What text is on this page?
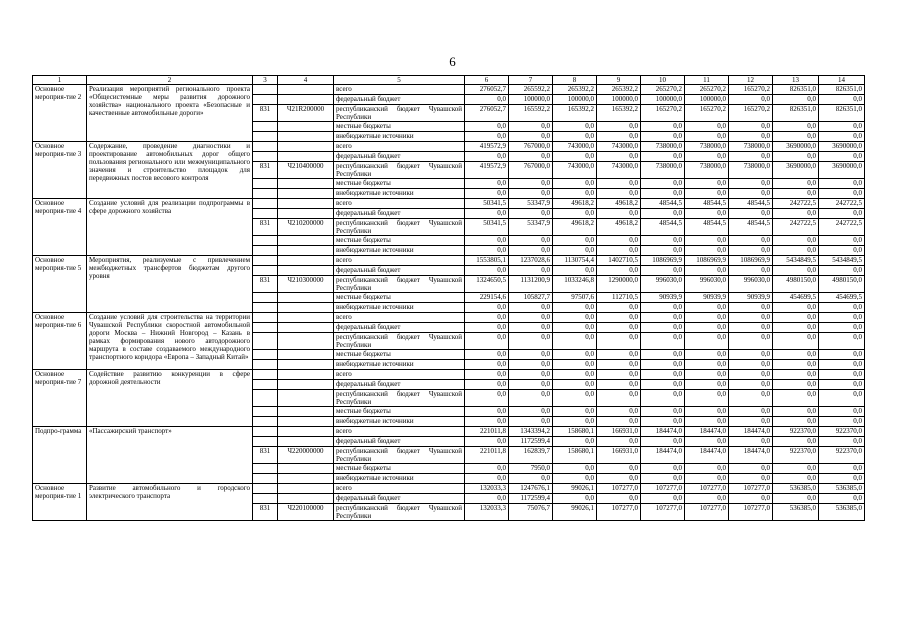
6
1	2	3	4	5	6	7	8	9	10	11	12	13	14
Основное мероприя-тие 2	Реализация мероприятий регионального проекта «Общесистемные меры развития дорожного хозяйства» национального проекта «Безопасные и качественные автомобильные дороги»			всего	276052,7	265592,2	265392,2	265392,2	265270,2	265270,2	165270,2	826351,0	826351,0
				федеральный бюджет	0,0	100000,0	100000,0	100000,0	100000,0	100000,0	0,0	0,0	0,0
		831	Ч21R200000	республиканский бюджет Чувашской Республики	276052,7	165592,2	165392,2	165392,2	165270,2	165270,2	165270,2	826351,0	826351,0
				местные бюджеты	0,0	0,0	0,0	0,0	0,0	0,0	0,0	0,0	0,0
				внебюджетные источники	0,0	0,0	0,0	0,0	0,0	0,0	0,0	0,0	0,0
Основное мероприя-тие 3	Содержание, проведение диагностики и проектирование автомобильных дорог общего пользования регионального или межмуниципального значения и строительство площадок для передвижных постов весового контроля			всего	419572,9	767000,0	743000,0	743000,0	738000,0	738000,0	738000,0	3690000,0	3690000,0
				федеральный бюджет	0,0	0,0	0,0	0,0	0,0	0,0	0,0	0,0	0,0
		831	Ч210400000	республиканский бюджет Чувашской Республики	419572,9	767000,0	743000,0	743000,0	738000,0	738000,0	738000,0	3690000,0	3690000,0
				местные бюджеты	0,0	0,0	0,0	0,0	0,0	0,0	0,0	0,0	0,0
				внебюджетные источники	0,0	0,0	0,0	0,0	0,0	0,0	0,0	0,0	0,0
Основное мероприя-тие 4	Создание условий для реализации подпрограммы в сфере дорожного хозяйства			всего	50341,5	53347,9	49618,2	49618,2	48544,5	48544,5	48544,5	242722,5	242722,5
				федеральный бюджет	0,0	0,0	0,0	0,0	0,0	0,0	0,0	0,0	0,0
		831	Ч210200000	республиканский бюджет Чувашской Республики	50341,5	53347,9	49618,2	49618,2	48544,5	48544,5	48544,5	242722,5	242722,5
				местные бюджеты	0,0	0,0	0,0	0,0	0,0	0,0	0,0	0,0	0,0
				внебюджетные источники	0,0	0,0	0,0	0,0	0,0	0,0	0,0	0,0	0,0
Основное мероприя-тие 5	Мероприятия, реализуемые с привлечением межбюджетных трансфертов бюджетам другого уровня			всего	1553805,1	1237028,6	1130754,4	1402710,5	1086969,9	1086969,9	1086969,9	5434849,5	5434849,5
				федеральный бюджет	0,0	0,0	0,0	0,0	0,0	0,0	0,0	0,0	0,0
		831	Ч210300000	республиканский бюджет Чувашской Республики	1324650,5	1131200,9	1033246,8	1290000,0	996030,0	996030,0	996030,0	4980150,0	4980150,0
				местные бюджеты	229154,6	105827,7	97507,6	112710,5	90939,9	90939,9	90939,9	454699,5	454699,5
				внебюджетные источники	0,0	0,0	0,0	0,0	0,0	0,0	0,0	0,0	0,0
Основное мероприя-тие 6	Создание условий для строительства на территории Чувашской Республики скоростной автомобильной дороги Москва – Нижний Новгород – Казань в рамках формирования нового автодорожного маршрута в составе создаваемого международного транспортного коридора «Европа – Западный Китай»			всего	0,0	0,0	0,0	0,0	0,0	0,0	0,0	0,0	0,0
				федеральный бюджет	0,0	0,0	0,0	0,0	0,0	0,0	0,0	0,0	0,0
				республиканский бюджет Чувашской Республики	0,0	0,0	0,0	0,0	0,0	0,0	0,0	0,0	0,0
				местные бюджеты	0,0	0,0	0,0	0,0	0,0	0,0	0,0	0,0	0,0
				внебюджетные источники	0,0	0,0	0,0	0,0	0,0	0,0	0,0	0,0	0,0
Основное мероприя-тие 7	Содействие развитию конкуренции в сфере дорожной деятельности			всего	0,0	0,0	0,0	0,0	0,0	0,0	0,0	0,0	0,0
				федеральный бюджет	0,0	0,0	0,0	0,0	0,0	0,0	0,0	0,0	0,0
				республиканский бюджет Чувашской Республики	0,0	0,0	0,0	0,0	0,0	0,0	0,0	0,0	0,0
				местные бюджеты	0,0	0,0	0,0	0,0	0,0	0,0	0,0	0,0	0,0
				внебюджетные источники	0,0	0,0	0,0	0,0	0,0	0,0	0,0	0,0	0,0
Подпро-грамма	«Пассажирский транспорт»			всего	221011,8	1343394,2	158680,1	166931,0	184474,0	184474,0	184474,0	922370,0	922370,0
				федеральный бюджет	0,0	1172599,4	0,0	0,0	0,0	0,0	0,0	0,0	0,0
		831	Ч220000000	республиканский бюджет Чувашской Республики	221011,8	162839,7	158680,1	166931,0	184474,0	184474,0	184474,0	922370,0	922370,0
				местные бюджеты	0,0	7950,0	0,0	0,0	0,0	0,0	0,0	0,0	0,0
				внебюджетные источники	0,0	0,0	0,0	0,0	0,0	0,0	0,0	0,0	0,0
Основное мероприя-тие 1	Развитие автомобильного и городского электрического транспорта			всего	132033,3	1247676,1	99026,1	107277,0	107277,0	107277,0	107277,0	536385,0	536385,0
				федеральный бюджет	0,0	1172599,4	0,0	0,0	0,0	0,0	0,0	0,0	0,0
		831	Ч220100000	республиканский бюджет Чувашской Республики	132033,3	75076,7	99026,1	107277,0	107277,0	107277,0	107277,0	536385,0	536385,0
